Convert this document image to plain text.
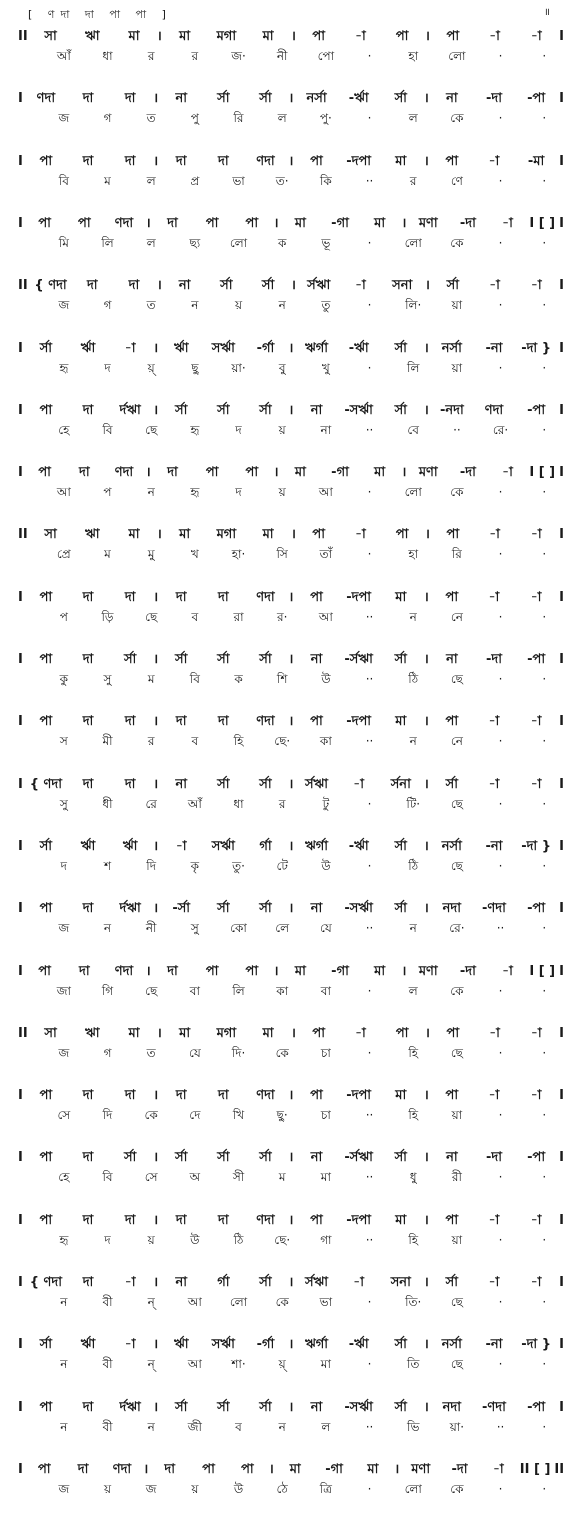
[ ণদা দা পা পা ]	॥
II	সা	ঋা	মা	।	মা	মগা	মা	।	পা	-া	পা	।	পা	-া	-া	I
আঁ	ধা	র	র	জ·	নী	পো	·	হা	লো	·	·
I	ণদা	দা	দা	।	না	র্সা	র্সা	।	নর্সা	-র্ঋা	র্সা	।	না	-দা	-পা	I
জ	গ	ত	পু	রি	ল	পু·	·	ল	কে	·	·
I	পা	দা	দা	।	দা	দা	ণদা	।	পা	-দপা	মা	।	পা	-া	-মা	I
বি	ম	ল	প্র	ভা	ত·	কি	··	র	ণে	·	·
I	পা	পা	ণদা ।	দা	পা	পা	।	মা	-গা	মা	। মণা	-দা	-া	I [ ] I
মি	লি	ল	ছ্য	লো	ক	ভূ	·	লো	কে	·	·
II { ণদা	দা	দা	।	না	র্সা	র্সা	। র্সঋা	-া	সনা ।	র্সা	-া	-া	I
জ	গ	ত	ন	য়	ন	তু	·	লি·	য়া	·	·
I	র্সা	র্ঋা	-া	।	র্ঋা	সর্ঋা	-র্গা	। ঋর্গা	-র্ঋা	র্সা	।	নর্সা	-না	-দা } I
হৃ	দ	য়্	ছু	য়া·	বু	খু	·	লি	য়া	·	·
I	পা	দা	র্দঋা ।	র্সা	র্সা	র্সা	।	না	-সর্ঋা	র্সা	। -নদা	ণদা	-পা	I
হে	বি	ছে	হৃ	দ	য়	না	··	বে	··	রে·	·
I	পা	দা	ণদা ।	দা	পা	পা	।	মা	-গা	মা	। মণা	-দা	-া	I [ ] I
আ	প	ন	হৃ	দ	য়	আ	·	লো	কে	·	·
II	সা	ঋা	মা	।	মা	মগা	মা	।	পা	-া	পা	।	পা	-া	-া	I
প্রে	ম	মু	খ	হা·	সি	তাঁ	·	হা	রি	·	·
I	পা	দা	দা	।	দা	দা	ণদা	।	পা	-দপা	মা	।	পা	-া	-া	I
প	ড়ি	ছে	ব	রা	র·	আ	··	ন	নে	·	·
I	পা	দা	র্সা	।	র্সা	র্সা	র্সা	।	না	-র্সঋা	র্সা	।	না	-দা	-পা	I
কু	সু	ম	বি	ক	শি	উ	··	ঠি	ছে	·	·
I	পা	দা	দা	।	দা	দা	ণদা	।	পা	-দপা	মা	।	পা	-া	-া	I
স	মী	র	ব	হি	ছে·	কা	··	ন	নে	·	·
I { ণদা	দা	দা	।	না	র্সা	র্সা	। র্সঋা	-া	র্সনা	।	র্সা	-া	-া	I
সু	ধী	রে	আঁ	ধা	র	টু	·	টি·	ছে	·	·
I	র্সা	র্ঋা	র্ঋা	।	-া	সর্ঋা	র্গা	। ঋর্গা	-র্ঋা	র্সা	।	নর্সা	-না	-দা } I
দ	শ	দি	কৃ	তু·	টে	উ	·	ঠি	ছে	·	·
I	পা	দা	র্দঋা ।	-র্সা	র্সা	র্সা	।	না	-সর্ঋা	র্সা	।	নদা	-ণদা	-পা	I
জ	ন	নী	সু	কো	লে	যে	··	ন	রে·	··	·
I	পা	দা	ণদা ।	দা	পা	পা	।	মা	-গা	মা	। মণা	-দা	-া	I [ ] I
জা	গি	ছে	বা	লি	কা	বা	·	ল	কে	·	·
II	সা	ঋা	মা	।	মা	মগা	মা	।	পা	-া	পা	।	পা	-া	-া	I
জ	গ	ত	যে	দি·	কে	চা	·	হি	ছে	·	·
I	পা	দা	দা	।	দা	দা	ণদা	।	পা	-দপা	মা	।	পা	-া	-া	I
সে	দি	কে	দে	খি	ছু·	চা	··	হি	য়া	·	·
I	পা	দা	র্সা	।	র্সা	র্সা	র্সা	।	না	-র্সঋা	র্সা	।	না	-দা	-পা	I
হে	বি	সে	অ	সী	ম	মা	··	ধু	রী	·	·
I	পা	দা	দা	।	দা	দা	ণদা	।	পা	-দপা	মা	।	পা	-া	-া	I
হৃ	দ	য়	উ	ঠি	ছে·	গা	··	হি	য়া	·	·
I { ণদা	দা	-া	।	না	র্গা	র্সা	। র্সঋা	-া	সনা	।	র্সা	-া	-া	I
ন	বী	ন্	আ	লো	কে	ভা	·	তি·	ছে	·	·
I	র্সা	র্ঋা	-া	।	র্ঋা	সর্ঋা	-র্গা	। ঋর্গা	-র্ঋা	র্সা	।	নর্সা	-না	-দা } I
ন	বী	ন্	আ	শা·	য়্	মা	·	তি	ছে	·	·
I	পা	দা	র্দঋা ।	র্সা	র্সা	র্সা	।	না	-সর্ঋা	র্সা	।	নদা	-ণদা	-পা	I
ন	বী	ন	জী	ব	ন	ল	··	ভি	য়া·	··	·
I	পা	দা	ণদা ।	দা	পা	পা	।	মা	-গা	মা	। মণা	-দা	-া	II [ ] II
জ	য়	জ	য়	উ	ঠে	ত্রি	·	লো	কে	·	·
